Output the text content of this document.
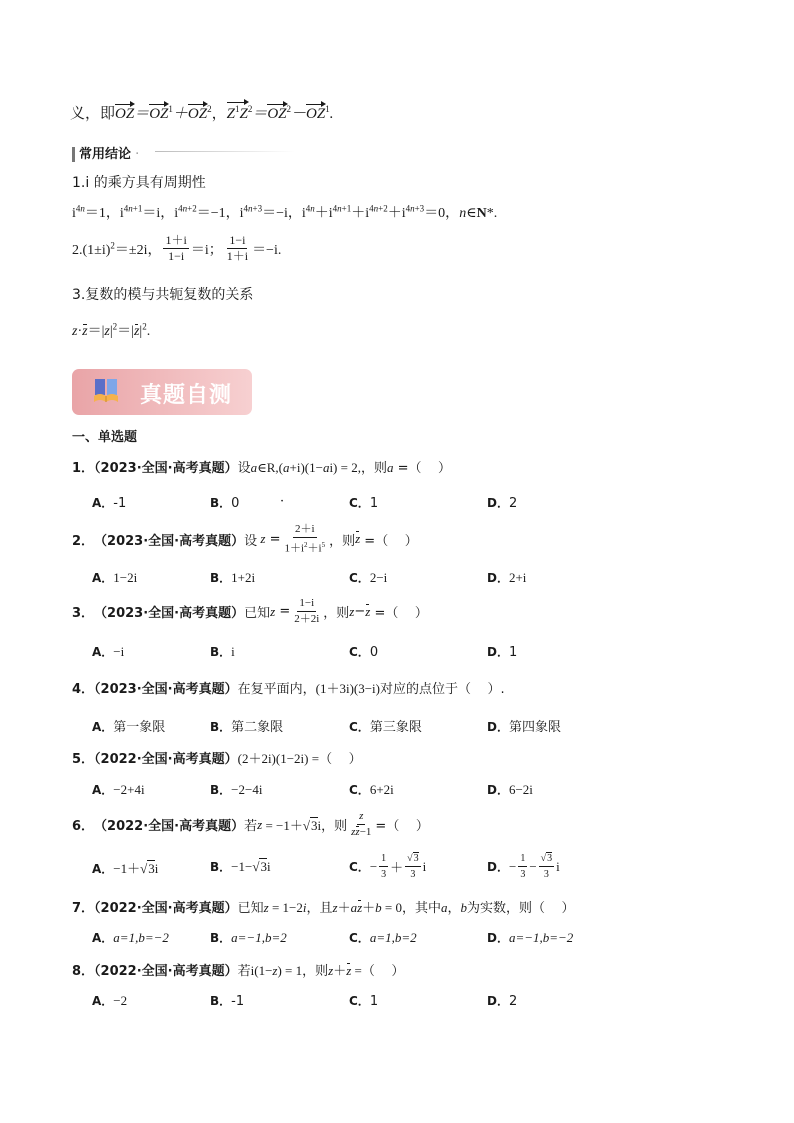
义，即$OZ=OZ^1+OZ^2$，$Z^1Z^2=OZ^2-OZ^1$.
常用结论 ·
1.i 的乘方具有周期性
$i^{4n}=1$，$i^{4n+1}=i$，$i^{4n+2}=-1$，$i^{4n+3}=-i$，$i^{4n}+i^{4n+1}+i^{4n+2}+i^{4n+3}=0$，n∈N*.
$2.(1\pm i)^2=\pm 2i$， $\frac{1+i}{1-i} =i$； $\frac{1-i}{1+i} =-i$.
3.复数的模与共轭复数的关系
$z\cdot z=|z|^2=|z|^2$.
真题自测
一、单选题
1．（2023·全国·高考真题）设a∈R,(a+i)(1−ai) = 2,，则a =（    ）
A．-1	B．0	·	C．1	D．2
2． （2023·全国·高考真题） 设 $z = \frac{2+i}{1+i^2+i^5}$ ，则 z =（    ）
A．1−2i	B．1+2i	C．2−i	D．2+i
3． （2023·全国·高考真题） 已知 $z = \frac{1-i}{2+2i}$ ，则 z − z =（    ）
A．−i	B．i	C．0	D．1
4．（2023·全国·高考真题）在复平面内，(1＋3i)(3−i)对应的点位于（    ）.
A．第一象限	B．第二象限	C．第三象限	D．第四象限
5．（2022·全国·高考真题）(2＋2i)(1−2i) =（    ）
A．−2+4i	B．−2−4i	C．6+2i	D．6−2i
6． （2022·全国·高考真题） 若 z = −1＋√3i ，则 $\frac{z}{zz-1}$ =（    ）
A．−1＋√3i	B．−1−√3i	C． − $\frac{1}{3} + \frac{√3}{3}$ i	D． − $\frac{1}{3} - \frac{√3}{3}$ i
7．（2022·全国·高考真题）已知z = 1−2i，且z＋az＋b = 0，其中a，b为实数，则（    ）
A．a=1,b=−2	B．a=−1,b=2	C．a=1,b=2	D．a=−1,b=−2
8．（2022·全国·高考真题）若i(1−z) = 1，则z＋z =（    ）
A．−2	B．-1	C．1	D．2
